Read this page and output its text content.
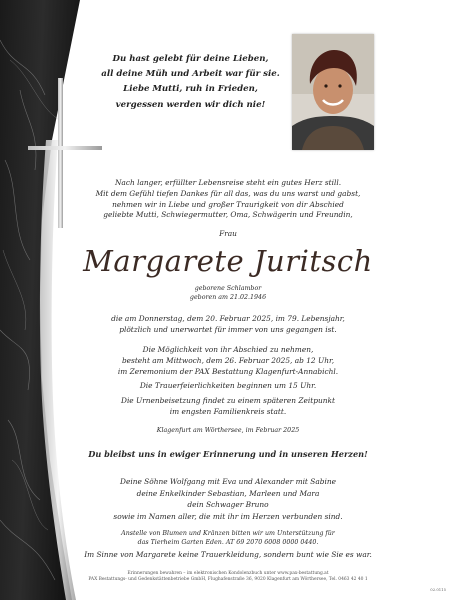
Du hast gelebt für deine Lieben,
all deine Müh und Arbeit war für sie.
Liebe Mutti, ruh in Frieden,
vergessen werden wir dich nie!
Nach langer, erfüllter Lebensreise steht ein gutes Herz still.
Mit dem Gefühl tiefen Dankes für all das, was du uns warst und gabst,
nehmen wir in Liebe und großer Traurigkeit von dir Abschied
geliebte Mutti, Schwiegermutter, Oma, Schwägerin und Freundin,
Frau
Margarete Juritsch
geborene Schlambor
geboren am 21.02.1946
die am Donnerstag, dem 20. Februar 2025, im 79. Lebensjahr,
plötzlich und unerwartet für immer von uns gegangen ist.
Die Möglichkeit von ihr Abschied zu nehmen,
besteht am Mittwoch, dem 26. Februar 2025, ab 12 Uhr,
im Zeremonium der PAX Bestattung Klagenfurt-Annabichl.
Die Trauerfeierlichkeiten beginnen um 15 Uhr.
Die Urnenbeisetzung findet zu einem späteren Zeitpunkt
im engsten Familienkreis statt.
Klagenfurt am Wörthersee, im Februar 2025
Du bleibst uns in ewiger Erinnerung und in unseren Herzen!
Deine Söhne Wolfgang mit Eva und Alexander mit Sabine
deine Enkelkinder Sebastian, Marleen und Mara
dein Schwager Bruno
sowie im Namen aller, die mit ihr im Herzen verbunden sind.
Anstelle von Blumen und Kränzen bitten wir um Unterstützung für
das Tierheim Garten Eden. AT 69 2070 6008 0000 0440.
Im Sinne von Margarete keine Trauerkleidung, sondern bunt wie Sie es war.
Erinnerungen bewahren – im elektronischen Kondolenzbuch unter www.pax-bestattung.at
PAX Bestattungs- und Gedenkstättenbetriebe GmbH, Flughafenstraße 36, 9020 Klagenfurt am Wörthersee, Tel. 0463 42 40 1
02.0115
